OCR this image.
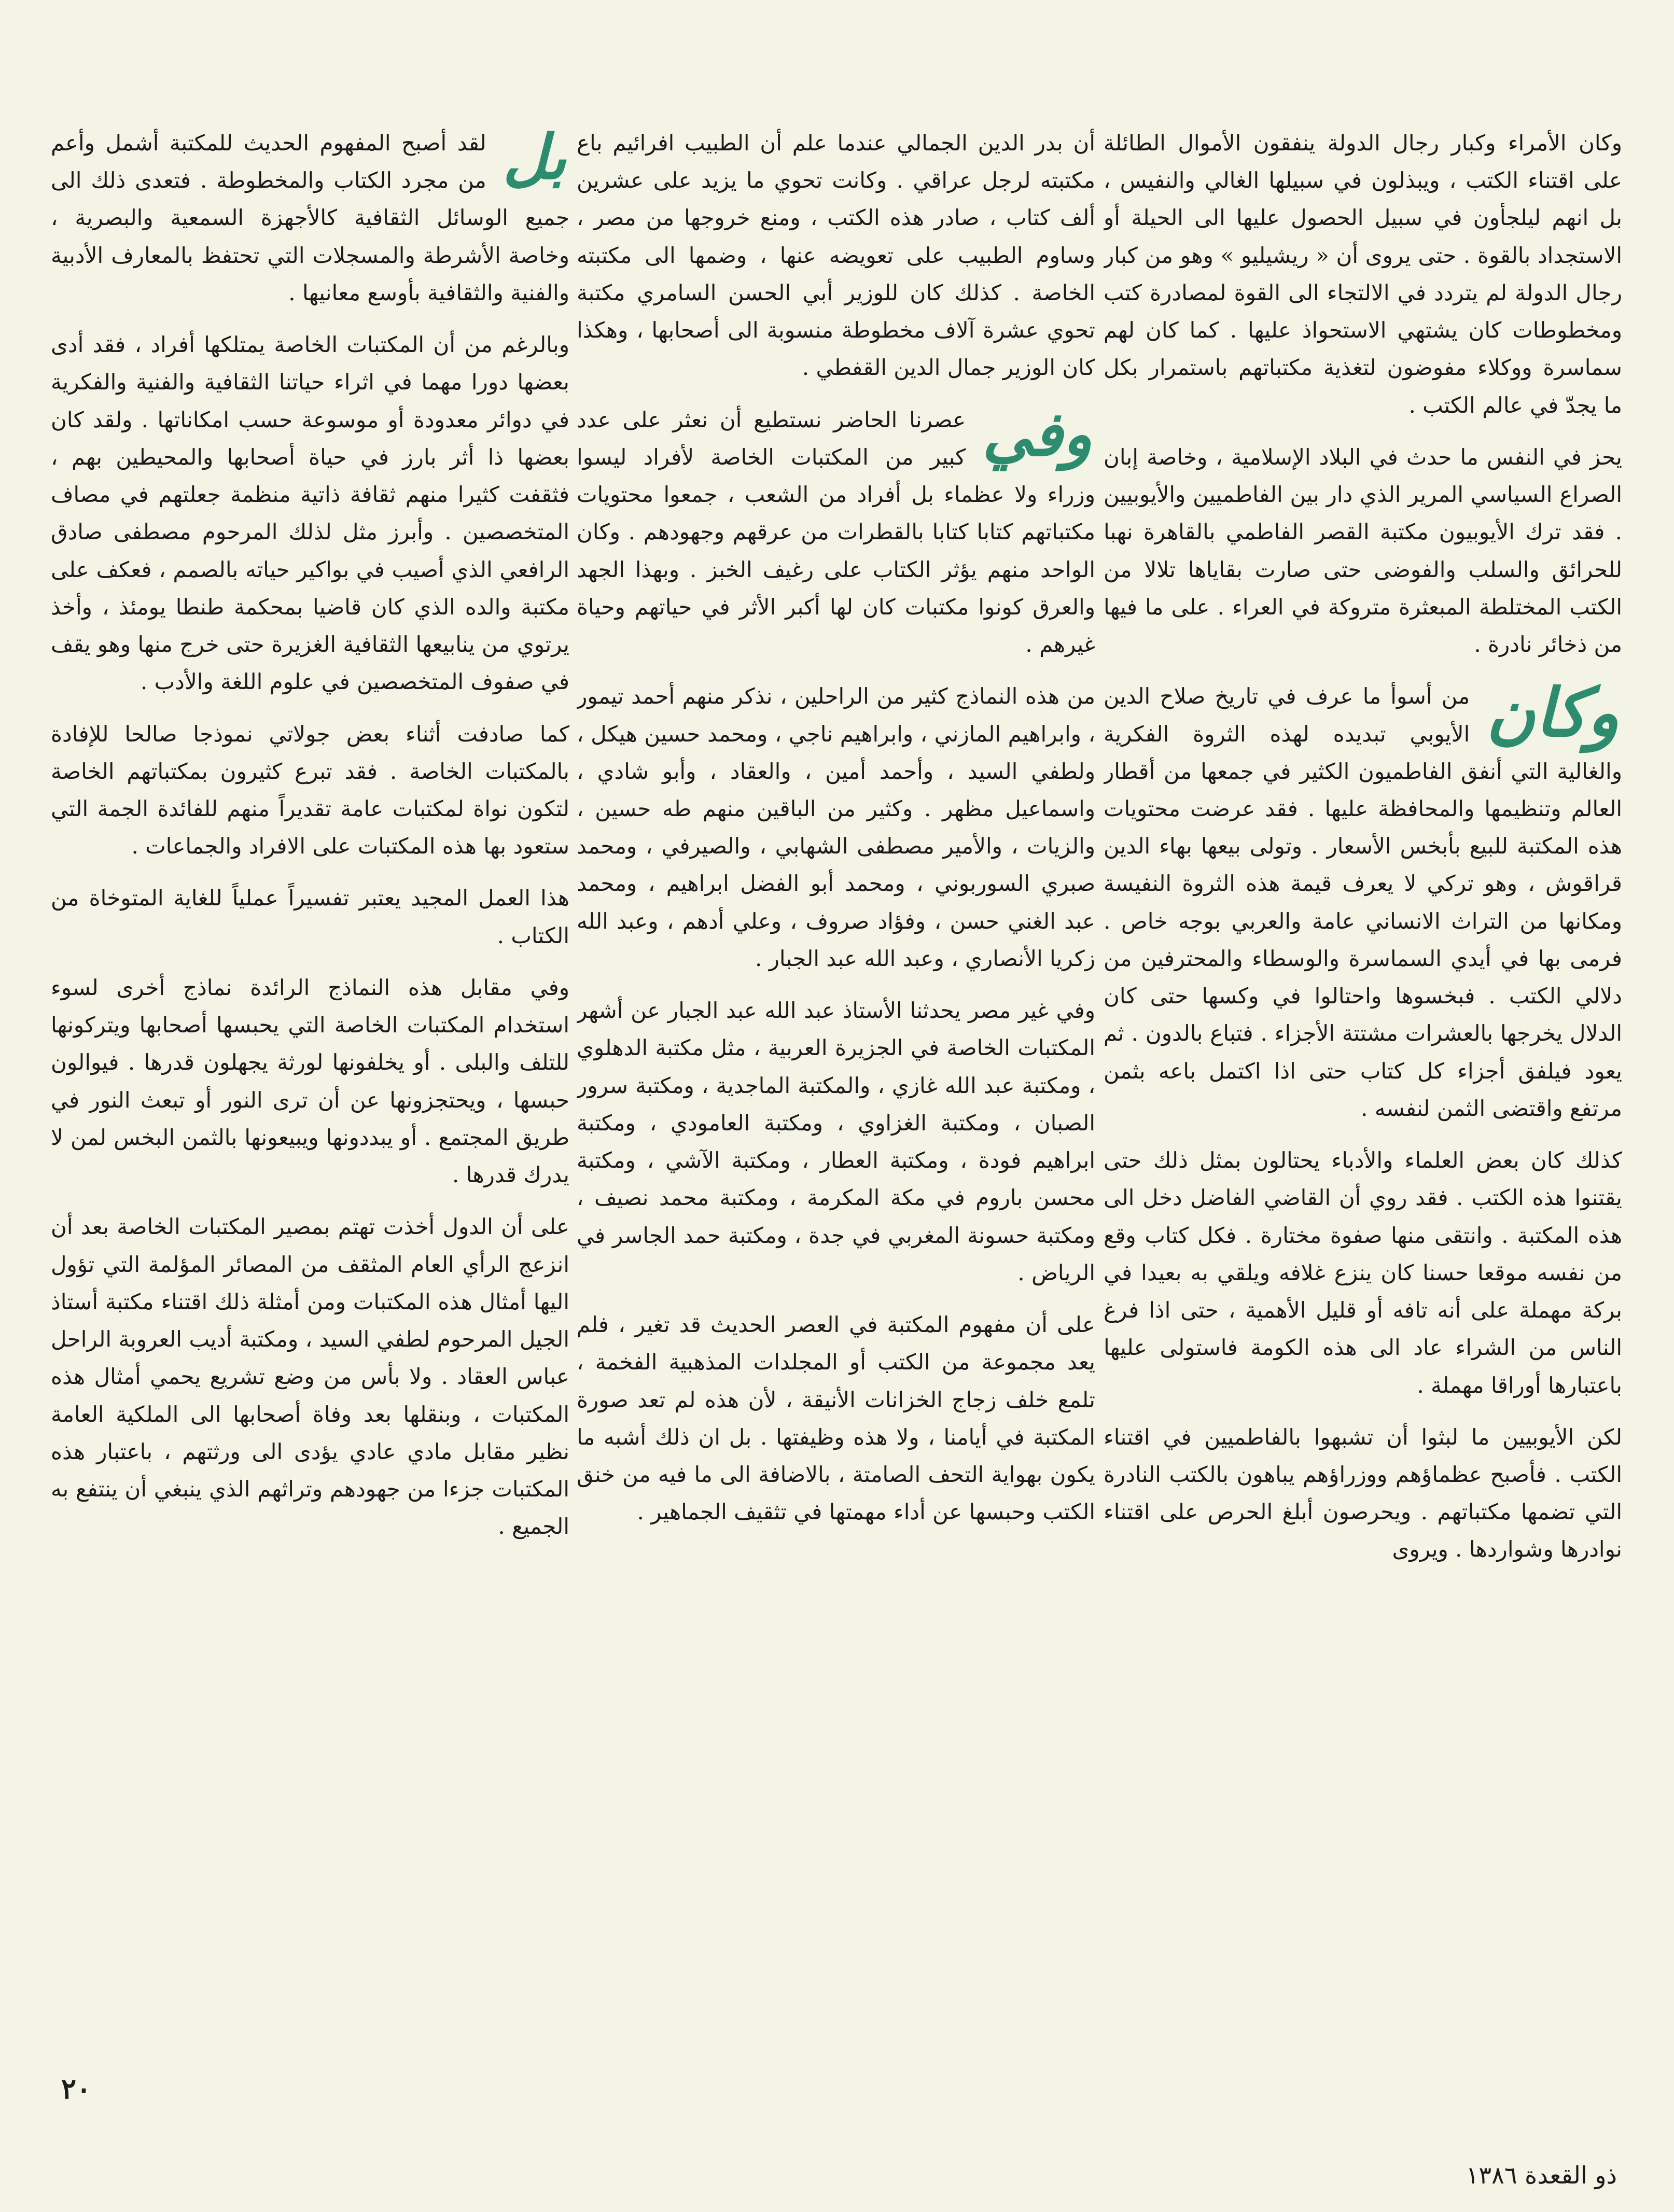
وكان الأمراء وكبار رجال الدولة ينفقون الأموال الطائلة على اقتناء الكتب ، ويبذلون في سبيلها الغالي والنفيس ، بل انهم ليلجأون في سبيل الحصول عليها الى الحيلة أو الاستجداد بالقوة . حتى يروى أن « ريشيليو » وهو من كبار رجال الدولة لم يتردد في الالتجاء الى القوة لمصادرة كتب ومخطوطات كان يشتهي الاستحواذ عليها . كما كان لهم سماسرة ووكلاء مفوضون لتغذية مكتباتهم باستمرار بكل ما يجدّ في عالم الكتب .

يحز في النفس ما حدث في البلاد الإسلامية ، وخاصة إبان الصراع السياسي المرير الذي دار بين الفاطميين والأيوبيين . فقد ترك الأيوبيون مكتبة القصر الفاطمي بالقاهرة نهبا للحرائق والسلب والفوضى حتى صارت بقاياها تلالا من الكتب المختلطة المبعثرة متروكة في العراء . على ما فيها من ذخائر نادرة .

وكان
من أسوأ ما عرف في تاريخ صلاح الدين الأيوبي تبديده لهذه الثروة الفكرية والغالية التي أنفق الفاطميون الكثير في جمعها من أقطار العالم وتنظيمها والمحافظة عليها . فقد عرضت محتويات هذه المكتبة للبيع بأبخس الأسعار . وتولى بيعها بهاء الدين قراقوش ، وهو تركي لا يعرف قيمة هذه الثروة النفيسة ومكانها من التراث الانساني عامة والعربي بوجه خاص . فرمى بها في أيدي السماسرة والوسطاء والمحترفين من دلالي الكتب . فبخسوها واحتالوا في وكسها حتى كان الدلال يخرجها بالعشرات مشتتة الأجزاء . فتباع بالدون . ثم يعود فيلفق أجزاء كل كتاب حتى اذا اكتمل باعه بثمن مرتفع واقتضى الثمن لنفسه .

كذلك كان بعض العلماء والأدباء يحتالون بمثل ذلك حتى يقتنوا هذه الكتب . فقد روي أن القاضي الفاضل دخل الى هذه المكتبة . وانتقى منها صفوة مختارة . فكل كتاب وقع من نفسه موقعا حسنا كان ينزع غلافه ويلقي به بعيدا في بركة مهملة على أنه تافه أو قليل الأهمية ، حتى اذا فرغ الناس من الشراء عاد الى هذه الكومة فاستولى عليها باعتبارها أوراقا مهملة .

لكن الأيوبيين ما لبثوا أن تشبهوا بالفاطميين في اقتناء الكتب . فأصبح عظماؤهم ووزراؤهم يباهون بالكتب النادرة التي تضمها مكتباتهم . ويحرصون أبلغ الحرص على اقتناء نوادرها وشواردها . ويروى

أن بدر الدين الجمالي عندما علم أن الطبيب افرائيم باع مكتبته لرجل عراقي . وكانت تحوي ما يزيد على عشرين ألف كتاب ، صادر هذه الكتب ، ومنع خروجها من مصر ، وساوم الطبيب على تعويضه عنها ، وضمها الى مكتبته الخاصة . كذلك كان للوزير أبي الحسن السامري مكتبة تحوي عشرة آلاف مخطوطة منسوبة الى أصحابها ، وهكذا كان الوزير جمال الدين القفطي .

وفي
عصرنا الحاضر نستطيع أن نعثر على عدد كبير من المكتبات الخاصة لأفراد ليسوا وزراء ولا عظماء بل أفراد من الشعب ، جمعوا محتويات مكتباتهم كتابا كتابا بالقطرات من عرقهم وجهودهم . وكان الواحد منهم يؤثر الكتاب على رغيف الخبز . وبهذا الجهد والعرق كونوا مكتبات كان لها أكبر الأثر في حياتهم وحياة غيرهم .

من هذه النماذج كثير من الراحلين ، نذكر منهم أحمد تيمور ، وابراهيم المازني ، وابراهيم ناجي ، ومحمد حسين هيكل ، ولطفي السيد ، وأحمد أمين ، والعقاد ، وأبو شادي ، واسماعيل مظهر . وكثير من الباقين منهم طه حسين ، والزيات ، والأمير مصطفى الشهابي ، والصيرفي ، ومحمد صبري السوربوني ، ومحمد أبو الفضل ابراهيم ، ومحمد عبد الغني حسن ، وفؤاد صروف ، وعلي أدهم ، وعبد الله زكريا الأنصاري ، وعبد الله عبد الجبار .

وفي غير مصر يحدثنا الأستاذ عبد الله عبد الجبار عن أشهر المكتبات الخاصة في الجزيرة العربية ، مثل مكتبة الدهلوي ، ومكتبة عبد الله غازي ، والمكتبة الماجدية ، ومكتبة سرور الصبان ، ومكتبة الغزاوي ، ومكتبة العامودي ، ومكتبة ابراهيم فودة ، ومكتبة العطار ، ومكتبة الآشي ، ومكتبة محسن باروم في مكة المكرمة ، ومكتبة محمد نصيف ، ومكتبة حسونة المغربي في جدة ، ومكتبة حمد الجاسر في الرياض .

على أن مفهوم المكتبة في العصر الحديث قد تغير ، فلم يعد مجموعة من الكتب أو المجلدات المذهبية الفخمة ، تلمع خلف زجاج الخزانات الأنيقة ، لأن هذه لم تعد صورة المكتبة في أيامنا ، ولا هذه وظيفتها . بل ان ذلك أشبه ما يكون بهواية التحف الصامتة ، بالاضافة الى ما فيه من خنق الكتب وحبسها عن أداء مهمتها في تثقيف الجماهير .

بل
لقد أصبح المفهوم الحديث للمكتبة أشمل وأعم من مجرد الكتاب والمخطوطة . فتعدى ذلك الى جميع الوسائل الثقافية كالأجهزة السمعية والبصرية ، وخاصة الأشرطة والمسجلات التي تحتفظ بالمعارف الأدبية والفنية والثقافية بأوسع معانيها .

وبالرغم من أن المكتبات الخاصة يمتلكها أفراد ، فقد أدى بعضها دورا مهما في اثراء حياتنا الثقافية والفنية والفكرية في دوائر معدودة أو موسوعة حسب امكاناتها . ولقد كان بعضها ذا أثر بارز في حياة أصحابها والمحيطين بهم ، فثقفت كثيرا منهم ثقافة ذاتية منظمة جعلتهم في مصاف المتخصصين . وأبرز مثل لذلك المرحوم مصطفى صادق الرافعي الذي أصيب في بواكير حياته بالصمم ، فعكف على مكتبة والده الذي كان قاضيا بمحكمة طنطا يومئذ ، وأخذ يرتوي من ينابيعها الثقافية الغزيرة حتى خرج منها وهو يقف في صفوف المتخصصين في علوم اللغة والأدب .

كما صادفت أثناء بعض جولاتي نموذجا صالحا للإفادة بالمكتبات الخاصة . فقد تبرع كثيرون بمكتباتهم الخاصة لتكون نواة لمكتبات عامة تقديراً منهم للفائدة الجمة التي ستعود بها هذه المكتبات على الافراد والجماعات .

هذا العمل المجيد يعتبر تفسيراً عملياً للغاية المتوخاة من الكتاب .

وفي مقابل هذه النماذج الرائدة نماذج أخرى لسوء استخدام المكتبات الخاصة التي يحبسها أصحابها ويتركونها للتلف والبلى . أو يخلفونها لورثة يجهلون قدرها . فيوالون حبسها ، ويحتجزونها عن أن ترى النور أو تبعث النور في طريق المجتمع . أو يبددونها ويبيعونها بالثمن البخس لمن لا يدرك قدرها .

على أن الدول أخذت تهتم بمصير المكتبات الخاصة بعد أن انزعج الرأي العام المثقف من المصائر المؤلمة التي تؤول اليها أمثال هذه المكتبات ومن أمثلة ذلك اقتناء مكتبة أستاذ الجيل المرحوم لطفي السيد ، ومكتبة أديب العروبة الراحل عباس العقاد . ولا بأس من وضع تشريع يحمي أمثال هذه المكتبات ، وبنقلها بعد وفاة أصحابها الى الملكية العامة نظير مقابل مادي عادي يؤدى الى ورثتهم ، باعتبار هذه المكتبات جزءا من جهودهم وتراثهم الذي ينبغي أن ينتفع به الجميع .

٢٠
ذو القعدة ١٣٨٦
